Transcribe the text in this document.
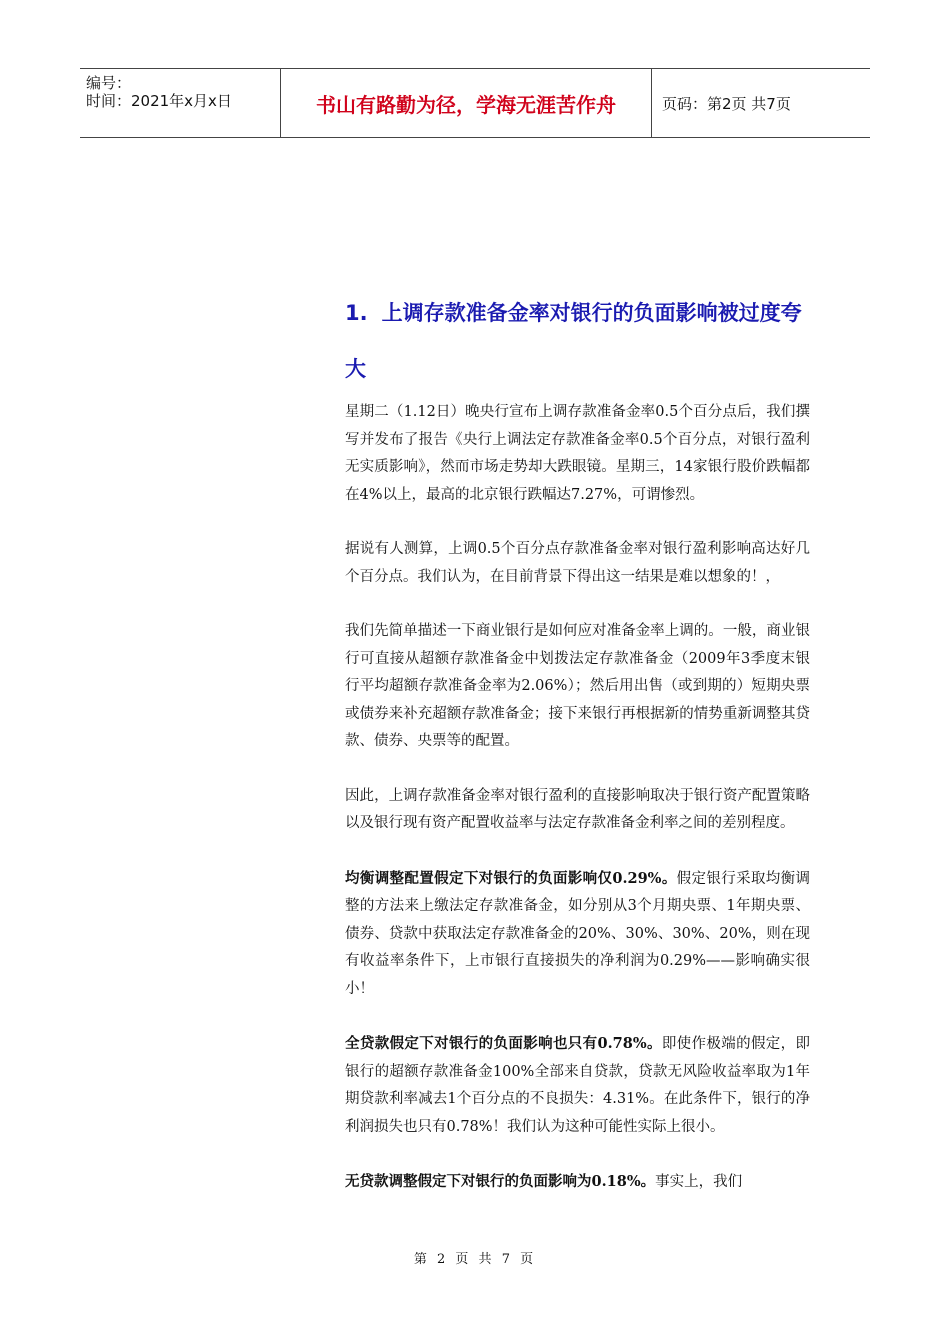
编号：
时间：2021年x月x日	书山有路勤为径，学海无涯苦作舟	页码：第2页 共7页
1. 上调存款准备金率对银行的负面影响被过度夸大

星期二（1.12日）晚央行宣布上调存款准备金率0.5个百分点后，我们撰写并发布了报告《央行上调法定存款准备金率0.5个百分点，对银行盈利无实质影响》，然而市场走势却大跌眼镜。星期三，14家银行股价跌幅都在4%以上，最高的北京银行跌幅达7.27%，可谓惨烈。

据说有人测算，上调0.5个百分点存款准备金率对银行盈利影响高达好几个百分点。我们认为，在目前背景下得出这一结果是难以想象的！，

我们先简单描述一下商业银行是如何应对准备金率上调的。一般，商业银行可直接从超额存款准备金中划拨法定存款准备金（2009年3季度末银行平均超额存款准备金率为2.06%）；然后用出售（或到期的）短期央票或债券来补充超额存款准备金；接下来银行再根据新的情势重新调整其贷款、债券、央票等的配置。

因此，上调存款准备金率对银行盈利的直接影响取决于银行资产配置策略以及银行现有资产配置收益率与法定存款准备金利率之间的差别程度。

均衡调整配置假定下对银行的负面影响仅0.29%。假定银行采取均衡调整的方法来上缴法定存款准备金，如分别从3个月期央票、1年期央票、债券、贷款中获取法定存款准备金的20%、30%、30%、20%，则在现有收益率条件下，上市银行直接损失的净利润为0.29%——影响确实很小！

全贷款假定下对银行的负面影响也只有0.78%。即使作极端的假定，即银行的超额存款准备金100%全部来自贷款，贷款无风险收益率取为1年期贷款利率减去1个百分点的不良损失：4.31%。在此条件下，银行的净利润损失也只有0.78%！我们认为这种可能性实际上很小。

无贷款调整假定下对银行的负面影响为0.18%。事实上，我们

第 2 页 共 7 页
